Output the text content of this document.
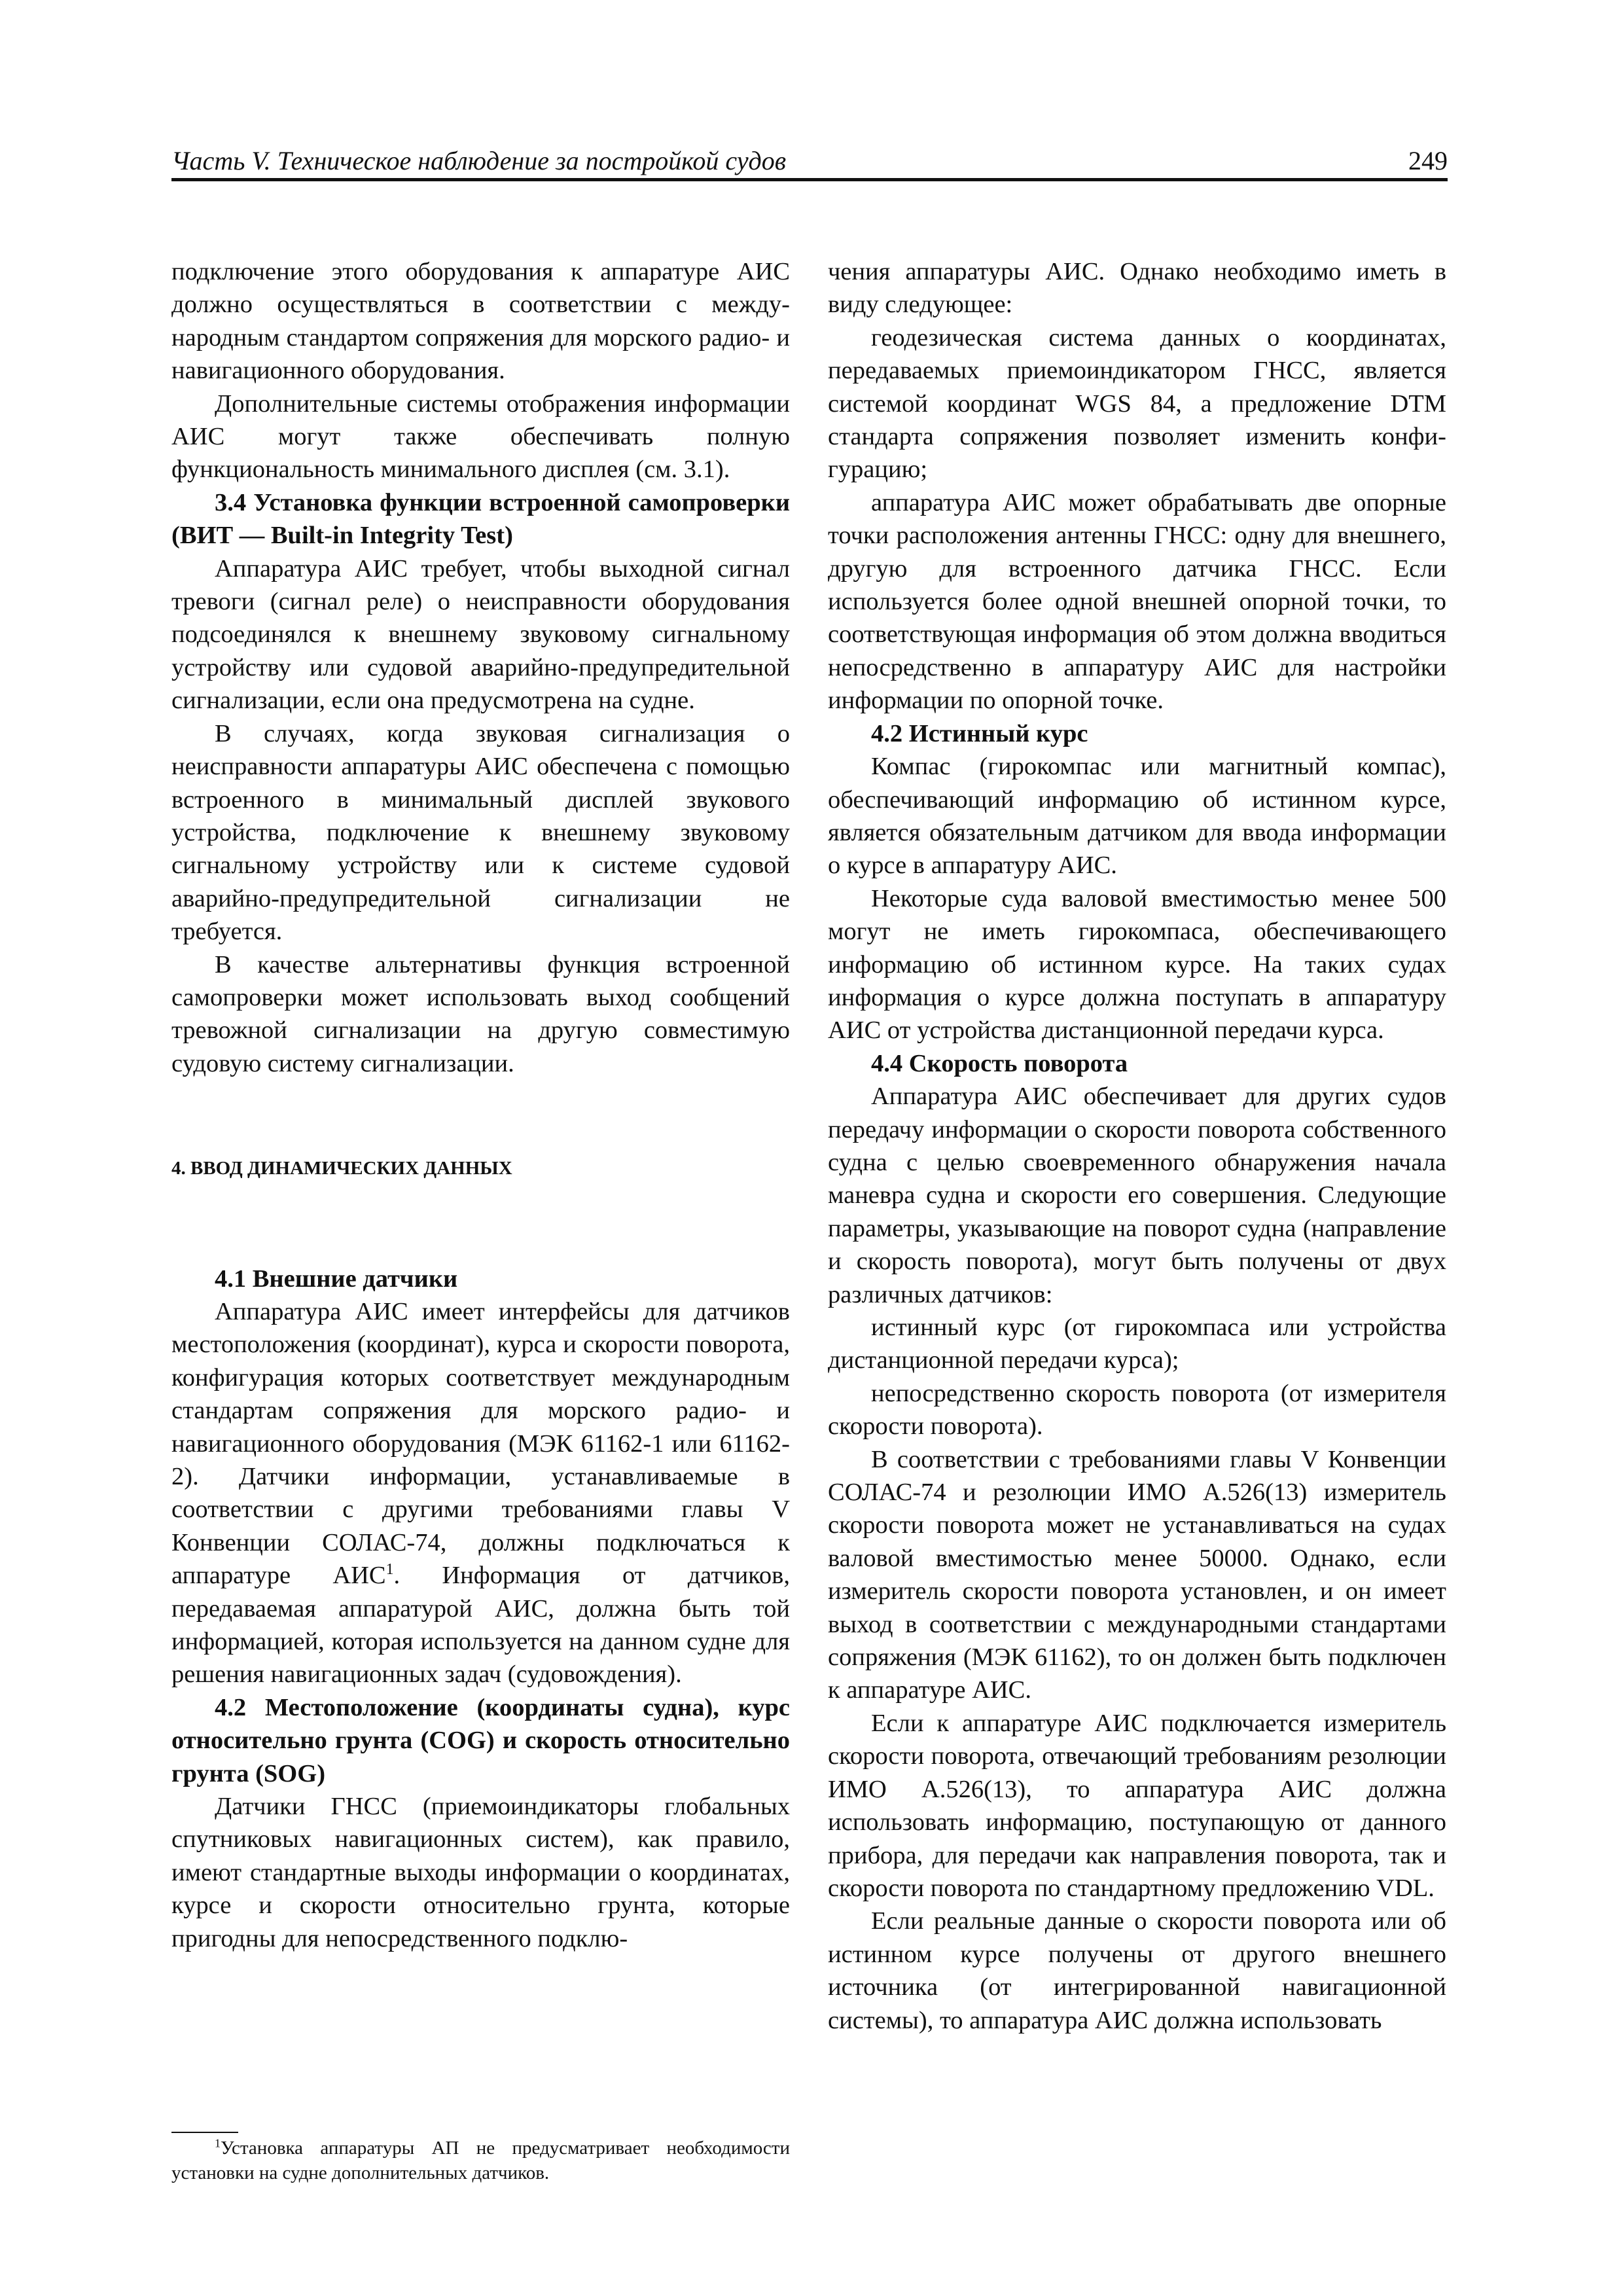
Часть V. Техническое наблюдение за постройкой судов	249

подключение этого оборудования к аппаратуре АИС должно осуществляться в соответствии с международным стандартом сопряжения для морского радио- и навигационного оборудования.

Дополнительные системы отображения информации АИС могут также обеспечивать полную функциональность минимального дисплея (см. 3.1).

3.4 Установка функции встроенной самопроверки (ВИТ — Built-in Integrity Test)

Аппаратура АИС требует, чтобы выходной сигнал тревоги (сигнал реле) о неисправности оборудования подсоединялся к внешнему звуковому сигнальному устройству или судовой аварийно-предупредительной сигнализации, если она предусмотрена на судне.

В случаях, когда звуковая сигнализация о неисправности аппаратуры АИС обеспечена с помощью встроенного в минимальный дисплей звукового устройства, подключение к внешнему звуковому сигнальному устройству или к системе судовой аварийно-предупредительной сигнализации не требуется.

В качестве альтернативы функция встроенной самопроверки может использовать выход сообщений тревожной сигнализации на другую совместимую судовую систему сигнализации.

4. ВВОД ДИНАМИЧЕСКИХ ДАННЫХ

4.1 Внешние датчики

Аппаратура АИС имеет интерфейсы для датчиков местоположения (координат), курса и скорости поворота, конфигурация которых соответствует международным стандартам сопряжения для морского радио- и навигационного оборудования (МЭК 61162-1 или 61162-2). Датчики информации, устанавливаемые в соответствии с другими требованиями главы V Конвенции СОЛАС-74, должны подключаться к аппаратуре АИС$^1$. Информация от датчиков, передаваемая аппаратурой АИС, должна быть той информацией, которая используется на данном судне для решения навигационных задач (судовождения).

4.2 Местоположение (координаты судна), курс относительно грунта (COG) и скорость относительно грунта (SOG)

Датчики ГНСС (приемоиндикаторы глобальных спутниковых навигационных систем), как правило, имеют стандартные выходы информации о координатах, курсе и скорости относительно грунта, которые пригодны для непосредственного подклю-

$^1$Установка аппаратуры АП не предусматривает необходимости установки на судне дополнительных датчиков.

чения аппаратуры АИС. Однако необходимо иметь в виду следующее:

геодезическая система данных о координатах, передаваемых приемоиндикатором ГНСС, является системой координат WGS 84, а предложение DTM стандарта сопряжения позволяет изменить конфигурацию;

аппаратура АИС может обрабатывать две опорные точки расположения антенны ГНСС: одну для внешнего, другую для встроенного датчика ГНСС. Если используется более одной внешней опорной точки, то соответствующая информация об этом должна вводиться непосредственно в аппаратуру АИС для настройки информации по опорной точке.

4.2 Истинный курс

Компас (гирокомпас или магнитный компас), обеспечивающий информацию об истинном курсе, является обязательным датчиком для ввода информации о курсе в аппаратуру АИС.

Некоторые суда валовой вместимостью менее 500 могут не иметь гирокомпаса, обеспечивающего информацию об истинном курсе. На таких судах информация о курсе должна поступать в аппаратуру АИС от устройства дистанционной передачи курса.

4.4 Скорость поворота

Аппаратура АИС обеспечивает для других судов передачу информации о скорости поворота собственного судна с целью своевременного обнаружения начала маневра судна и скорости его совершения. Следующие параметры, указывающие на поворот судна (направление и скорость поворота), могут быть получены от двух различных датчиков:

истинный курс (от гирокомпаса или устройства дистанционной передачи курса);

непосредственно скорость поворота (от измерителя скорости поворота).

В соответствии с требованиями главы V Конвенции СОЛАС-74 и резолюции ИМО А.526(13) измеритель скорости поворота может не устанавливаться на судах валовой вместимостью менее 50000. Однако, если измеритель скорости поворота установлен, и он имеет выход в соответствии с международными стандартами сопряжения (МЭК 61162), то он должен быть подключен к аппаратуре АИС.

Если к аппаратуре АИС подключается измеритель скорости поворота, отвечающий требованиям резолюции ИМО А.526(13), то аппаратура АИС должна использовать информацию, поступающую от данного прибора, для передачи как направления поворота, так и скорости поворота по стандартному предложению VDL.

Если реальные данные о скорости поворота или об истинном курсе получены от другого внешнего источника (от интегрированной навигационной системы), то аппаратура АИС должна использовать
